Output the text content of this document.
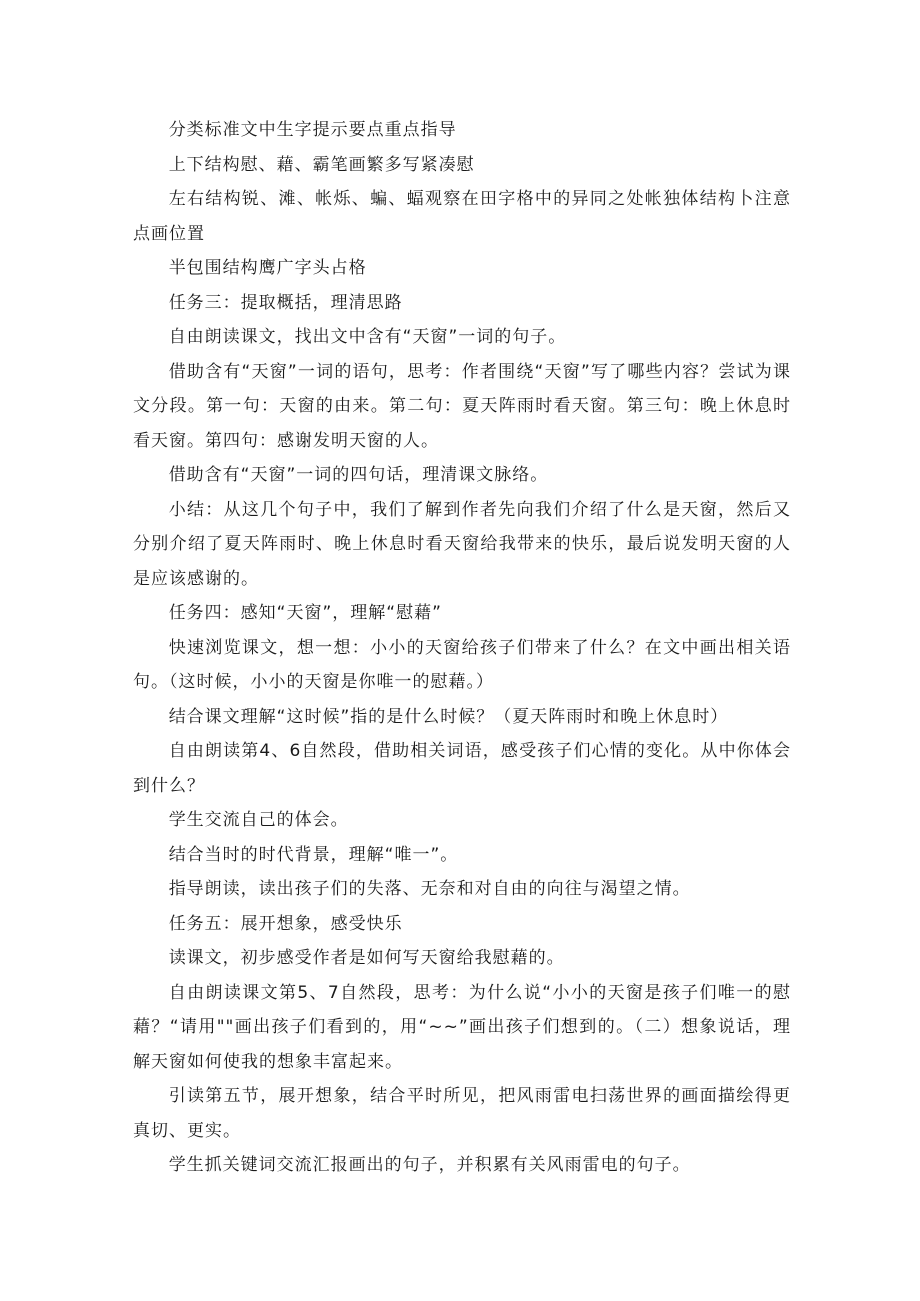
分类标准文中生字提示要点重点指导

上下结构慰、藉、霸笔画繁多写紧凑慰

左右结构锐、滩、帐烁、蝙、蝠观察在田字格中的异同之处帐独体结构卜注意点画位置

半包围结构鹰广字头占格

任务三：提取概括，理清思路

自由朗读课文，找出文中含有“天窗”一词的句子。

借助含有“天窗”一词的语句，思考：作者围绕“天窗”写了哪些内容？尝试为课文分段。第一句：天窗的由来。第二句：夏天阵雨时看天窗。第三句：晚上休息时看天窗。第四句：感谢发明天窗的人。

借助含有“天窗”一词的四句话，理清课文脉络。

小结：从这几个句子中，我们了解到作者先向我们介绍了什么是天窗，然后又分别介绍了夏天阵雨时、晚上休息时看天窗给我带来的快乐，最后说发明天窗的人是应该感谢的。

任务四：感知“天窗”，理解“慰藉”

快速浏览课文，想一想：小小的天窗给孩子们带来了什么？在文中画出相关语句。（这时候，小小的天窗是你唯一的慰藉。）

结合课文理解“这时候”指的是什么时候？（夏天阵雨时和晚上休息时）

自由朗读第4、6自然段，借助相关词语，感受孩子们心情的变化。从中你体会到什么？

学生交流自己的体会。

结合当时的时代背景，理解“唯一”。

指导朗读，读出孩子们的失落、无奈和对自由的向往与渴望之情。

任务五：展开想象，感受快乐

读课文，初步感受作者是如何写天窗给我慰藉的。

自由朗读课文第5、7自然段，思考：为什么说“小小的天窗是孩子们唯一的慰藉？“请用""画出孩子们看到的，用“~~”画出孩子们想到的。（二）想象说话，理解天窗如何使我的想象丰富起来。

引读第五节，展开想象，结合平时所见，把风雨雷电扫荡世界的画面描绘得更真切、更实。

学生抓关键词交流汇报画出的句子，并积累有关风雨雷电的句子。
